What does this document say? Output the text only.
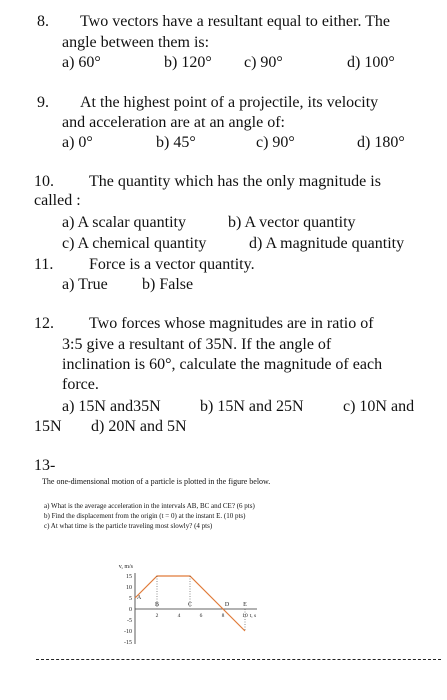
8. Two vectors have a resultant equal to either. The
angle between them is:
a) 60°	b) 120° c) 90°	d) 100°
9. At the highest point of a projectile, its velocity
and acceleration are at an angle of:
a) 0°	b) 45°	c) 90°	d) 180°
10. The quantity which has the only magnitude is
called :
a) A scalar quantity	b) A vector quantity
c) A chemical quantity	d) A magnitude quantity
11. Force is a vector quantity.
a) True b) False
12. Two forces whose magnitudes are in ratio of
3:5 give a resultant of 35N. If the angle of
inclination is 60°, calculate the magnitude of each
force.
a) 15N and35N b) 15N and 25N c) 10N and
15N d) 20N and 5N
13-
The one-dimensional motion of a particle is plotted in the figure below.
a) What is the average acceleration in the intervals AB, BC and CE? (6 pts)
b) Find the displacement from the origin (t = 0) at the instant E. (10 pts)
c) At what time is the particle traveling most slowly? (4 pts)
v, m/s
t, s
15
10
5
0
-5
-10
-15
2	4	6	8	10
A
B	C	D E
